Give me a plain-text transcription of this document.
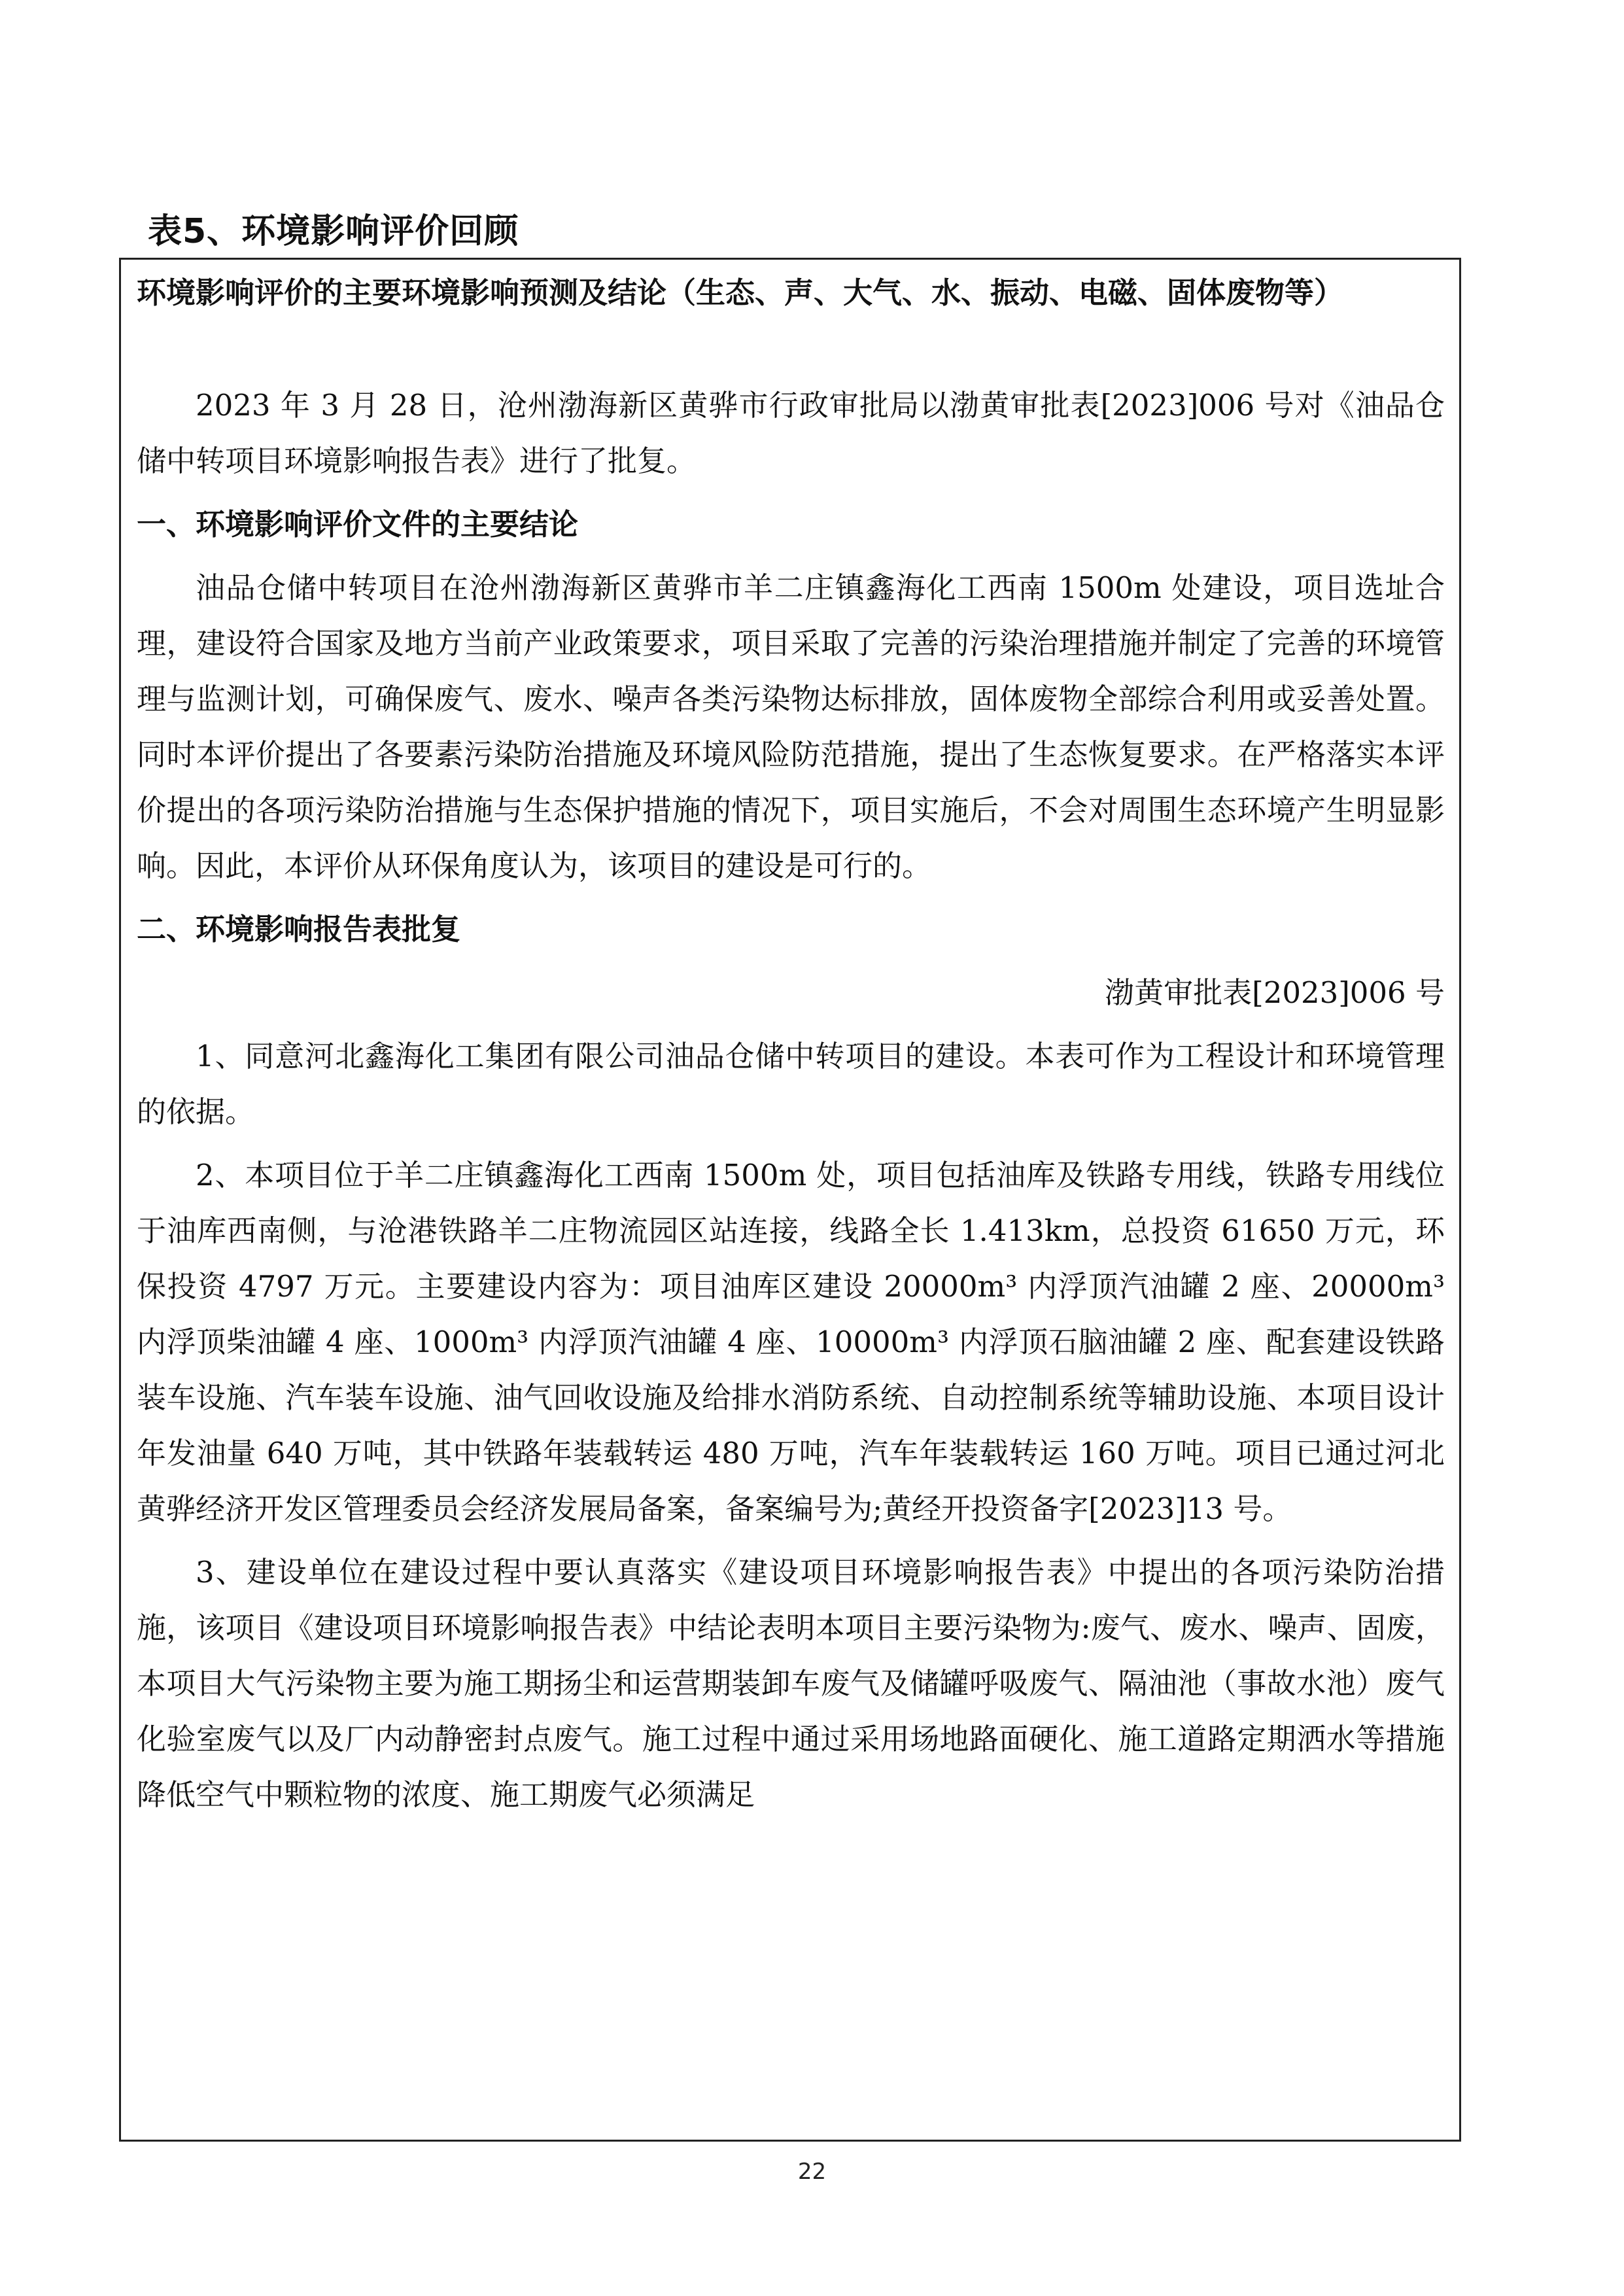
表5、环境影响评价回顾
环境影响评价的主要环境影响预测及结论（生态、声、大气、水、振动、电磁、固体废物等）

2023 年 3 月 28 日，沧州渤海新区黄骅市行政审批局以渤黄审批表[2023]006 号对《油品仓储中转项目环境影响报告表》进行了批复。

一、环境影响评价文件的主要结论

油品仓储中转项目在沧州渤海新区黄骅市羊二庄镇鑫海化工西南 1500m 处建设，项目选址合理，建设符合国家及地方当前产业政策要求，项目采取了完善的污染治理措施并制定了完善的环境管理与监测计划，可确保废气、废水、噪声各类污染物达标排放，固体废物全部综合利用或妥善处置。同时本评价提出了各要素污染防治措施及环境风险防范措施，提出了生态恢复要求。在严格落实本评价提出的各项污染防治措施与生态保护措施的情况下，项目实施后，不会对周围生态环境产生明显影响。因此，本评价从环保角度认为，该项目的建设是可行的。

二、环境影响报告表批复

渤黄审批表[2023]006 号

1、同意河北鑫海化工集团有限公司油品仓储中转项目的建设。本表可作为工程设计和环境管理的依据。

2、本项目位于羊二庄镇鑫海化工西南 1500m 处，项目包括油库及铁路专用线，铁路专用线位于油库西南侧，与沧港铁路羊二庄物流园区站连接，线路全长 1.413km，总投资 61650 万元，环保投资 4797 万元。主要建设内容为：项目油库区建设 20000m³ 内浮顶汽油罐 2 座、20000m³ 内浮顶柴油罐 4 座、1000m³ 内浮顶汽油罐 4 座、10000m³ 内浮顶石脑油罐 2 座、配套建设铁路装车设施、汽车装车设施、油气回收设施及给排水消防系统、自动控制系统等辅助设施、本项目设计年发油量 640 万吨，其中铁路年装载转运 480 万吨，汽车年装载转运 160 万吨。项目已通过河北黄骅经济开发区管理委员会经济发展局备案，备案编号为;黄经开投资备字[2023]13 号。

3、建设单位在建设过程中要认真落实《建设项目环境影响报告表》中提出的各项污染防治措施，该项目《建设项目环境影响报告表》中结论表明本项目主要污染物为:废气、废水、噪声、固废，本项目大气污染物主要为施工期扬尘和运营期装卸车废气及储罐呼吸废气、隔油池（事故水池）废气化验室废气以及厂内动静密封点废气。施工过程中通过采用场地路面硬化、施工道路定期洒水等措施降低空气中颗粒物的浓度、施工期废气必须满足

22
